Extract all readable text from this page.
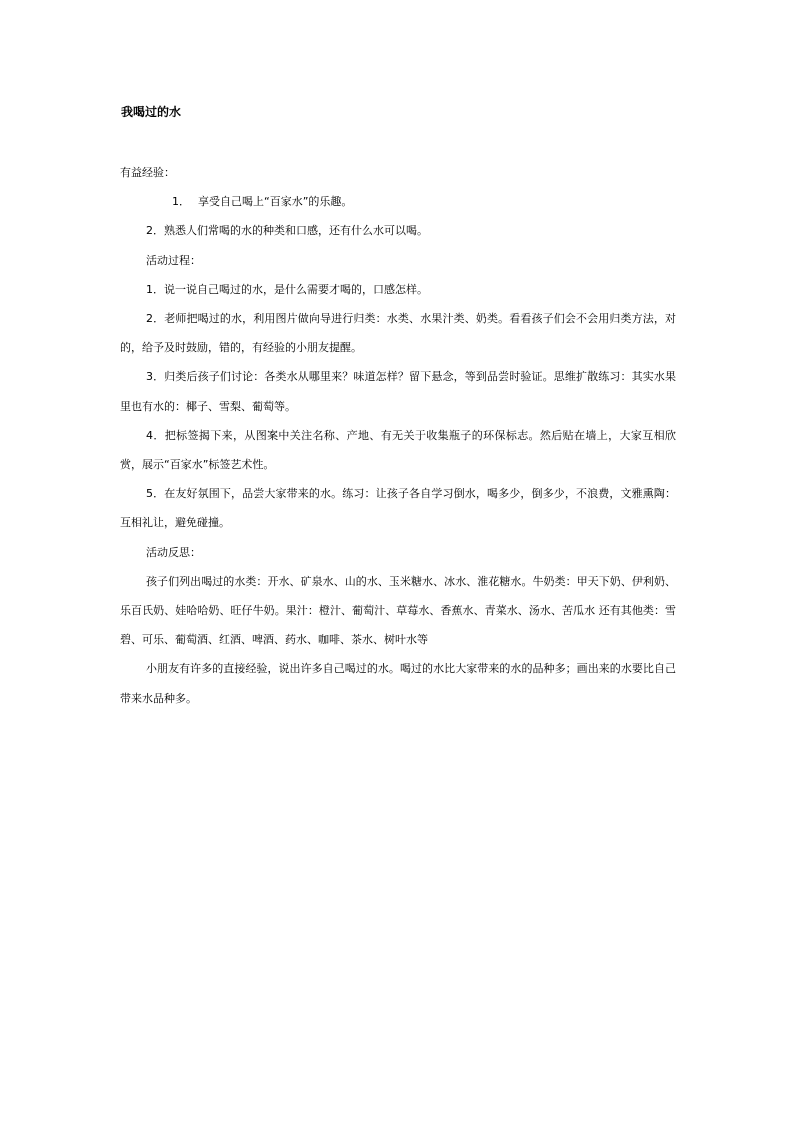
我喝过的水

有益经验：

1． 享受自己喝上“百家水”的乐趣。

2．熟悉人们常喝的水的种类和口感，还有什么水可以喝。

活动过程：

1．说一说自己喝过的水，是什么需要才喝的，口感怎样。

2．老师把喝过的水，利用图片做向导进行归类：水类、水果汁类、奶类。看看孩子们会不会用归类方法，对的，给予及时鼓励，错的，有经验的小朋友提醒。

3．归类后孩子们讨论：各类水从哪里来？味道怎样？留下悬念，等到品尝时验证。思维扩散练习：其实水果里也有水的：椰子、雪梨、葡萄等。

4．把标签揭下来，从图案中关注名称、产地、有无关于收集瓶子的环保标志。然后贴在墙上，大家互相欣赏，展示“百家水”标签艺术性。

5．在友好氛围下，品尝大家带来的水。练习：让孩子各自学习倒水，喝多少，倒多少，不浪费，文雅熏陶：互相礼让，避免碰撞。

活动反思：

孩子们列出喝过的水类：开水、矿泉水、山的水、玉米糖水、冰水、淮花糖水。牛奶类：甲天下奶、伊利奶、乐百氏奶、娃哈哈奶、旺仔牛奶。果汁：橙汁、葡萄汁、草莓水、香蕉水、青菜水、汤水、苦瓜水 还有其他类：雪碧、可乐、葡萄酒、红酒、啤酒、药水、咖啡、茶水、树叶水等

小朋友有许多的直接经验，说出许多自己喝过的水。喝过的水比大家带来的水的品种多；画出来的水要比自己带来水品种多。
